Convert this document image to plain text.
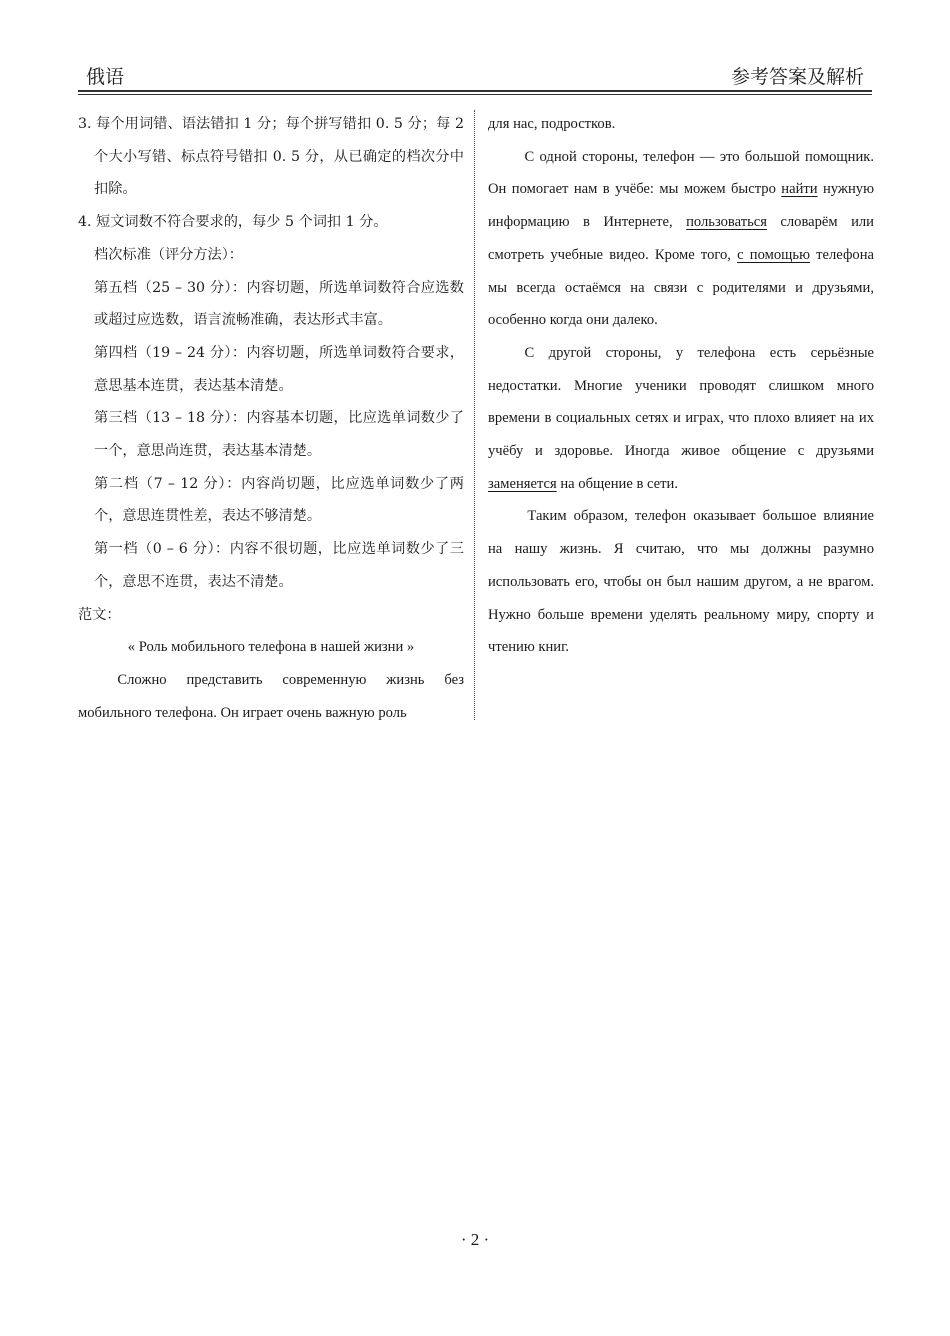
俄语	参考答案及解析

3. 每个用词错、语法错扣 1 分；每个拼写错扣 0. 5 分；每 2 个大小写错、标点符号错扣 0. 5 分，从已确定的档次分中扣除。

4. 短文词数不符合要求的，每少 5 个词扣 1 分。

档次标准（评分方法）：

第五档（25 – 30 分）：内容切题，所选单词数符合应选数或超过应选数，语言流畅准确，表达形式丰富。

第四档（19 – 24 分）：内容切题，所选单词数符合要求，意思基本连贯，表达基本清楚。

第三档（13 – 18 分）：内容基本切题，比应选单词数少了一个，意思尚连贯，表达基本清楚。

第二档（7 – 12 分）：内容尚切题，比应选单词数少了两个，意思连贯性差，表达不够清楚。

第一档（0 – 6 分）：内容不很切题，比应选单词数少了三个，意思不连贯，表达不清楚。

范文：

« Роль мобильного телефона в нашей жизни »

Сложно представить современную жизнь без мобильного телефона. Он играет очень важную роль

для нас, подростков.

С одной стороны, телефон — это большой помощник. Он помогает нам в учёбе: мы можем быстро найти нужную информацию в Интернете, пользоваться словарём или смотреть учебные видео. Кроме того, с помощью телефона мы всегда остаёмся на связи с родителями и друзьями, особенно когда они далеко.

С другой стороны, у телефона есть серьёзные недостатки. Многие ученики проводят слишком много времени в социальных сетях и играх, что плохо влияет на их учёбу и здоровье. Иногда живое общение с друзьями заменяется на общение в сети.

Таким образом, телефон оказывает большое влияние на нашу жизнь. Я считаю, что мы должны разумно использовать его, чтобы он был нашим другом, а не врагом. Нужно больше времени уделять реальному миру, спорту и чтению книг.

· 2 ·
